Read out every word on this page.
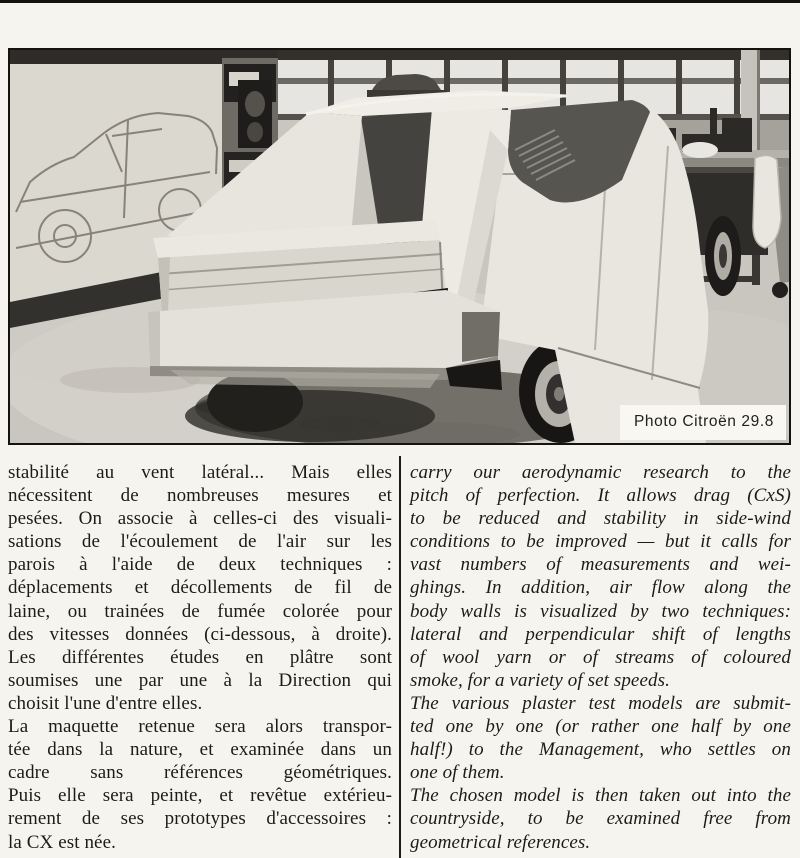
Photo Citroën 29.8
stabilité au vent latéral... Mais elles
nécessitent de nombreuses mesures et
pesées. On associe à celles-ci des visuali-
sations de l'écoulement de l'air sur les
parois à l'aide de deux techniques :
déplacements et décollements de fil de
laine, ou trainées de fumée colorée pour
des vitesses données (ci-dessous, à droite).
Les différentes études en plâtre sont
soumises une par une à la Direction qui
choisit l'une d'entre elles.
La maquette retenue sera alors transpor-
tée dans la nature, et examinée dans un
cadre sans références géométriques.
Puis elle sera peinte, et revêtue extérieu-
rement de ses prototypes d'accessoires :
la CX est née.
carry our aerodynamic research to the
pitch of perfection. It allows drag (CxS)
to be reduced and stability in side-wind
conditions to be improved — but it calls for
vast numbers of measurements and wei-
ghings. In addition, air flow along the
body walls is visualized by two techniques:
lateral and perpendicular shift of lengths
of wool yarn or of streams of coloured
smoke, for a variety of set speeds.
The various plaster test models are submit-
ted one by one (or rather one half by one
half!) to the Management, who settles on
one of them.
The chosen model is then taken out into the
countryside, to be examined free from
geometrical references.
